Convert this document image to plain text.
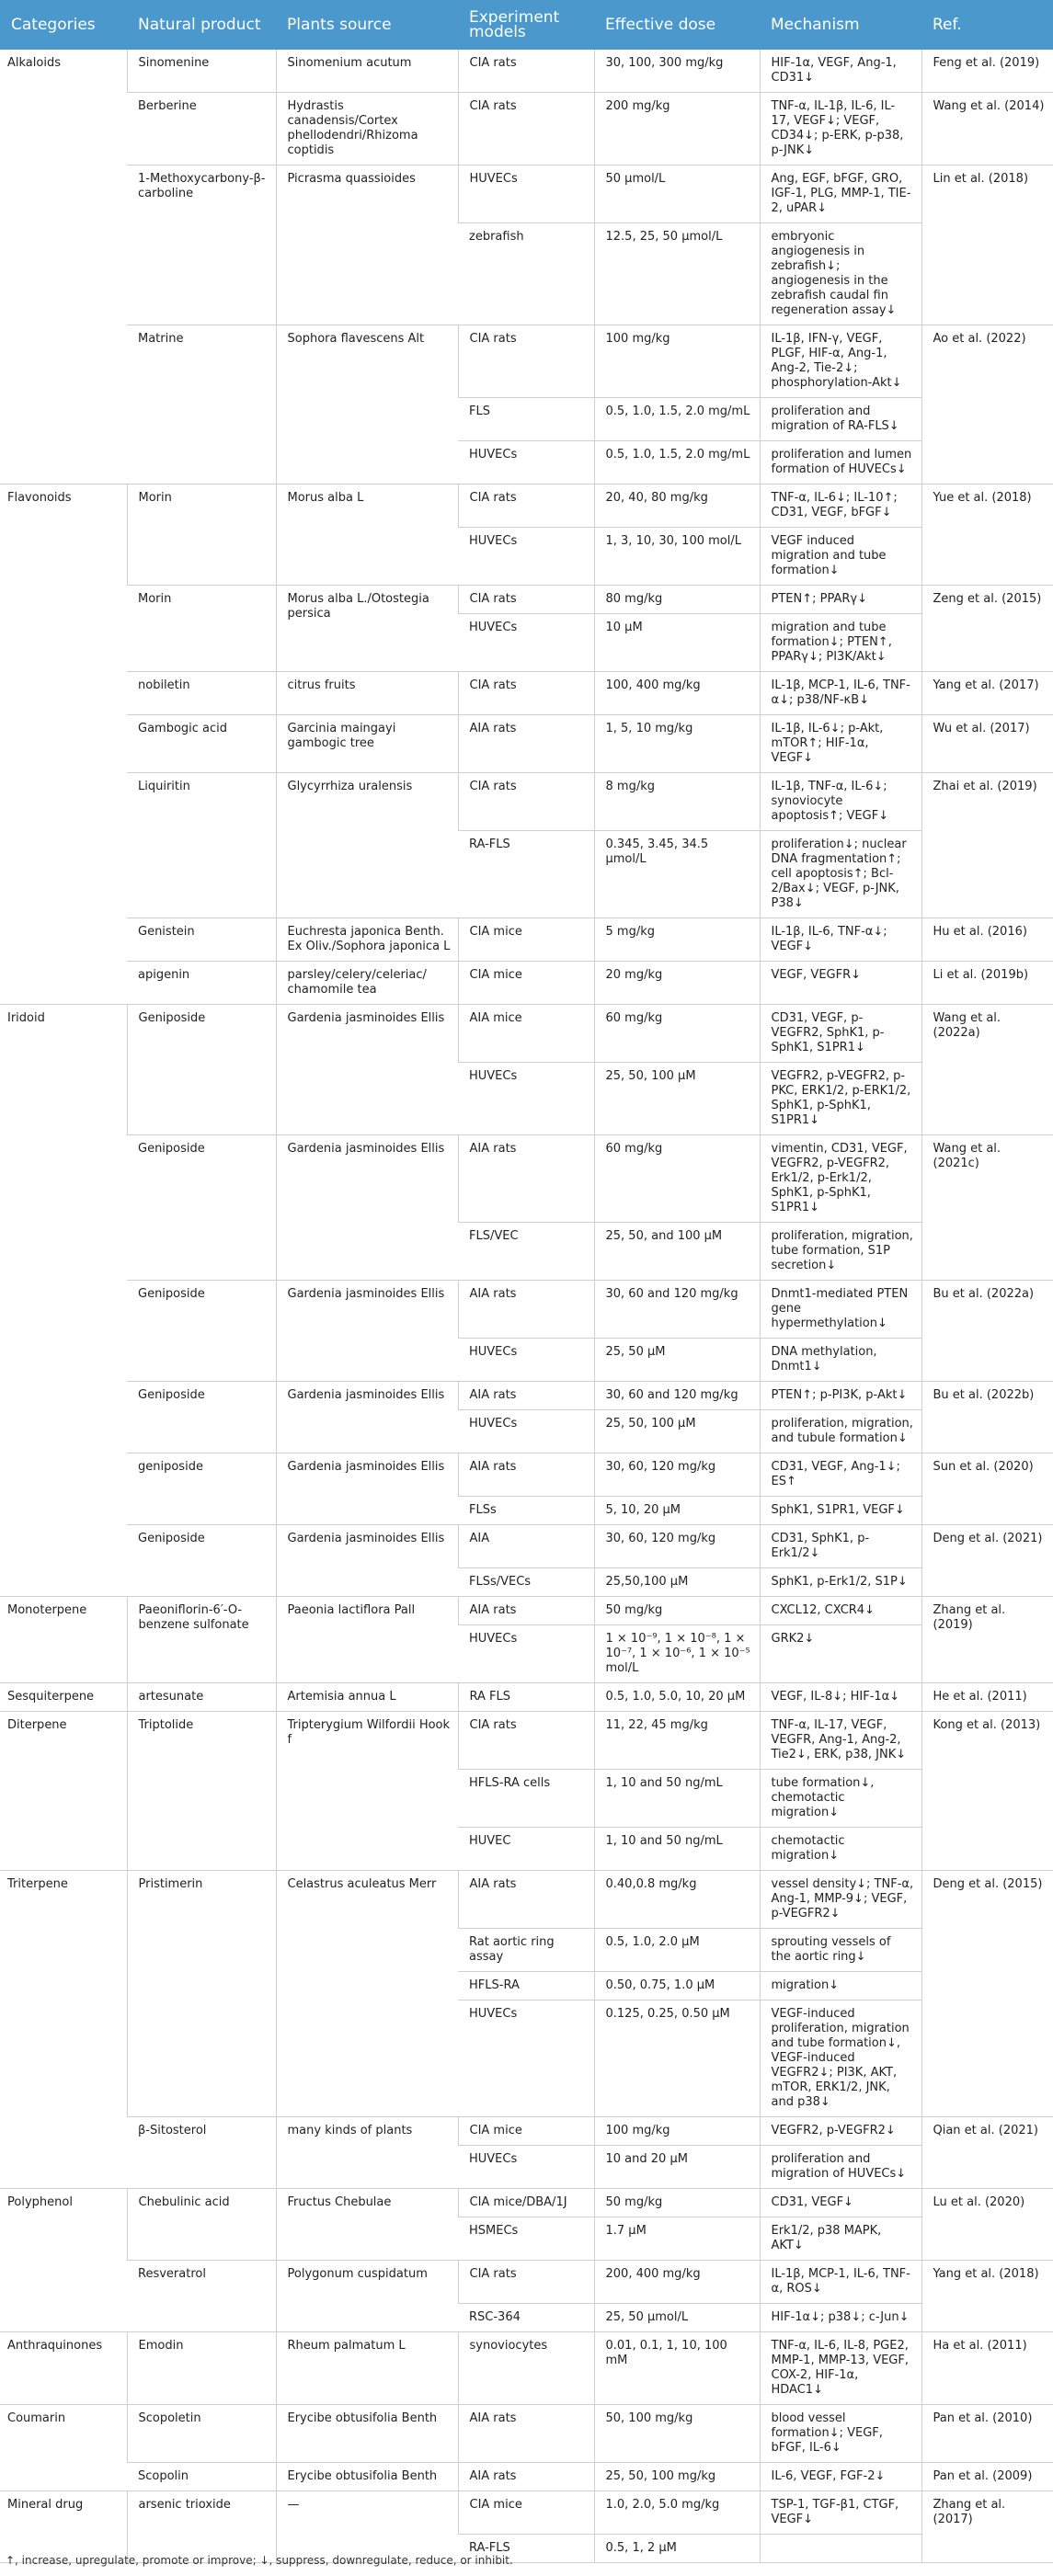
Categories	Natural product	Plants source	Experiment models	Effective dose	Mechanism	Ref.
Alkaloids	Sinomenine	Sinomenium acutum	CIA rats	30, 100, 300 mg/kg	HIF-1α, VEGF, Ang-1, CD31↓	Feng et al. (2019)
	Berberine	Hydrastis canadensis/Cortex phellodendri/Rhizoma coptidis	CIA rats	200 mg/kg	TNF-α, IL-1β, IL-6, IL-17, VEGF↓; VEGF, CD34↓; p-ERK, p-p38, p-JNK↓	Wang et al. (2014)
	1-Methoxycarbony-β-carboline	Picrasma quassioides	HUVECs	50 μmol/L	Ang, EGF, bFGF, GRO, IGF-1, PLG, MMP-1, TIE-2, uPAR↓	Lin et al. (2018)
			zebrafish	12.5, 25, 50 μmol/L	embryonic angiogenesis in zebrafish↓; angiogenesis in the zebrafish caudal fin regeneration assay↓	
	Matrine	Sophora flavescens Alt	CIA rats	100 mg/kg	IL-1β, IFN-γ, VEGF, PLGF, HIF-α, Ang-1, Ang-2, Tie-2↓; phosphorylation-Akt↓	Ao et al. (2022)
			FLS	0.5, 1.0, 1.5, 2.0 mg/mL	proliferation and migration of RA-FLS↓	
			HUVECs	0.5, 1.0, 1.5, 2.0 mg/mL	proliferation and lumen formation of HUVECs↓	
Flavonoids	Morin	Morus alba L	CIA rats	20, 40, 80 mg/kg	TNF-α, IL-6↓; IL-10↑; CD31, VEGF, bFGF↓	Yue et al. (2018)
			HUVECs	1, 3, 10, 30, 100 mol/L	VEGF induced migration and tube formation↓	
	Morin	Morus alba L./Otostegia persica	CIA rats	80 mg/kg	PTEN↑; PPARγ↓	Zeng et al. (2015)
			HUVECs	10 μM	migration and tube formation↓; PTEN↑, PPARγ↓; PI3K/Akt↓	
	nobiletin	citrus fruits	CIA rats	100, 400 mg/kg	IL-1β, MCP-1, IL-6, TNF-α↓; p38/NF-κB↓	Yang et al. (2017)
	Gambogic acid	Garcinia maingayi gambogic tree	AIA rats	1, 5, 10 mg/kg	IL-1β, IL-6↓; p-Akt, mTOR↑; HIF-1α, VEGF↓	Wu et al. (2017)
	Liquiritin	Glycyrrhiza uralensis	CIA rats	8 mg/kg	IL-1β, TNF-α, IL-6↓; synoviocyte apoptosis↑; VEGF↓	Zhai et al. (2019)
			RA-FLS	0.345, 3.45, 34.5 μmol/L	proliferation↓; nuclear DNA fragmentation↑; cell apoptosis↑; Bcl-2/Bax↓; VEGF, p-JNK, P38↓	
	Genistein	Euchresta japonica Benth. Ex Oliv./Sophora japonica L	CIA mice	5 mg/kg	IL-1β, IL-6, TNF-α↓; VEGF↓	Hu et al. (2016)
	apigenin	parsley/celery/celeriac/ chamomile tea	CIA mice	20 mg/kg	VEGF, VEGFR↓	Li et al. (2019b)
Iridoid	Geniposide	Gardenia jasminoides Ellis	AIA mice	60 mg/kg	CD31, VEGF, p-VEGFR2, SphK1, p-SphK1, S1PR1↓	Wang et al. (2022a)
			HUVECs	25, 50, 100 μM	VEGFR2, p-VEGFR2, p-PKC, ERK1/2, p-ERK1/2, SphK1, p-SphK1, S1PR1↓	
	Geniposide	Gardenia jasminoides Ellis	AIA rats	60 mg/kg	vimentin, CD31, VEGF, VEGFR2, p-VEGFR2, Erk1/2, p-Erk1/2, SphK1, p-SphK1, S1PR1↓	Wang et al. (2021c)
			FLS/VEC	25, 50, and 100 μM	proliferation, migration, tube formation, S1P secretion↓	
	Geniposide	Gardenia jasminoides Ellis	AIA rats	30, 60 and 120 mg/kg	Dnmt1-mediated PTEN gene hypermethylation↓	Bu et al. (2022a)
			HUVECs	25, 50 μM	DNA methylation, Dnmt1↓	
	Geniposide	Gardenia jasminoides Ellis	AIA rats	30, 60 and 120 mg/kg	PTEN↑; p-PI3K, p-Akt↓	Bu et al. (2022b)
			HUVECs	25, 50, 100 μM	proliferation, migration, and tubule formation↓	
	geniposide	Gardenia jasminoides Ellis	AIA rats	30, 60, 120 mg/kg	CD31, VEGF, Ang-1↓; ES↑	Sun et al. (2020)
			FLSs	5, 10, 20 μM	SphK1, S1PR1, VEGF↓	
	Geniposide	Gardenia jasminoides Ellis	AIA	30, 60, 120 mg/kg	CD31, SphK1, p-Erk1/2↓	Deng et al. (2021)
			FLSs/VECs	25,50,100 μM	SphK1, p-Erk1/2, S1P↓	
Monoterpene	Paeoniflorin-6′-O-benzene sulfonate	Paeonia lactiflora Pall	AIA rats	50 mg/kg	CXCL12, CXCR4↓	Zhang et al. (2019)
			HUVECs	1 × 10⁻⁹, 1 × 10⁻⁸, 1 × 10⁻⁷, 1 × 10⁻⁶, 1 × 10⁻⁵ mol/L	GRK2↓	
Sesquiterpene	artesunate	Artemisia annua L	RA FLS	0.5, 1.0, 5.0, 10, 20 μM	VEGF, IL-8↓; HIF-1α↓	He et al. (2011)
Diterpene	Triptolide	Tripterygium Wilfordii Hook f	CIA rats	11, 22, 45 mg/kg	TNF-α, IL-17, VEGF, VEGFR, Ang-1, Ang-2, Tie2↓, ERK, p38, JNK↓	Kong et al. (2013)
			HFLS-RA cells	1, 10 and 50 ng/mL	tube formation↓, chemotactic migration↓	
			HUVEC	1, 10 and 50 ng/mL	chemotactic migration↓	
Triterpene	Pristimerin	Celastrus aculeatus Merr	AIA rats	0.40,0.8 mg/kg	vessel density↓; TNF-α, Ang-1, MMP-9↓; VEGF, p-VEGFR2↓	Deng et al. (2015)
			Rat aortic ring assay	0.5, 1.0, 2.0 μM	sprouting vessels of the aortic ring↓	
			HFLS-RA	0.50, 0.75, 1.0 μM	migration↓	
			HUVECs	0.125, 0.25, 0.50 μM	VEGF-induced proliferation, migration and tube formation↓, VEGF-induced VEGFR2↓; PI3K, AKT, mTOR, ERK1/2, JNK, and p38↓	
	β-Sitosterol	many kinds of plants	CIA mice	100 mg/kg	VEGFR2, p-VEGFR2↓	Qian et al. (2021)
			HUVECs	10 and 20 μM	proliferation and migration of HUVECs↓	
Polyphenol	Chebulinic acid	Fructus Chebulae	CIA mice/DBA/1J	50 mg/kg	CD31, VEGF↓	Lu et al. (2020)
			HSMECs	1.7 μM	Erk1/2, p38 MAPK, AKT↓	
	Resveratrol	Polygonum cuspidatum	CIA rats	200, 400 mg/kg	IL-1β, MCP-1, IL-6, TNF-α, ROS↓	Yang et al. (2018)
			RSC-364	25, 50 μmol/L	HIF-1α↓; p38↓; c-Jun↓	
Anthraquinones	Emodin	Rheum palmatum L	synoviocytes	0.01, 0.1, 1, 10, 100 mM	TNF-α, IL-6, IL-8, PGE2, MMP-1, MMP-13, VEGF, COX-2, HIF-1α, HDAC1↓	Ha et al. (2011)
Coumarin	Scopoletin	Erycibe obtusifolia Benth	AIA rats	50, 100 mg/kg	blood vessel formation↓; VEGF, bFGF, IL-6↓	Pan et al. (2010)
	Scopolin	Erycibe obtusifolia Benth	AIA rats	25, 50, 100 mg/kg	IL-6, VEGF, FGF-2↓	Pan et al. (2009)
Mineral drug	arsenic trioxide	—	CIA mice	1.0, 2.0, 5.0 mg/kg	TSP-1, TGF-β1, CTGF, VEGF↓	Zhang et al. (2017)
			RA-FLS	0.5, 1, 2 μM		
↑, increase, upregulate, promote or improve; ↓, suppress, downregulate, reduce, or inhibit.
